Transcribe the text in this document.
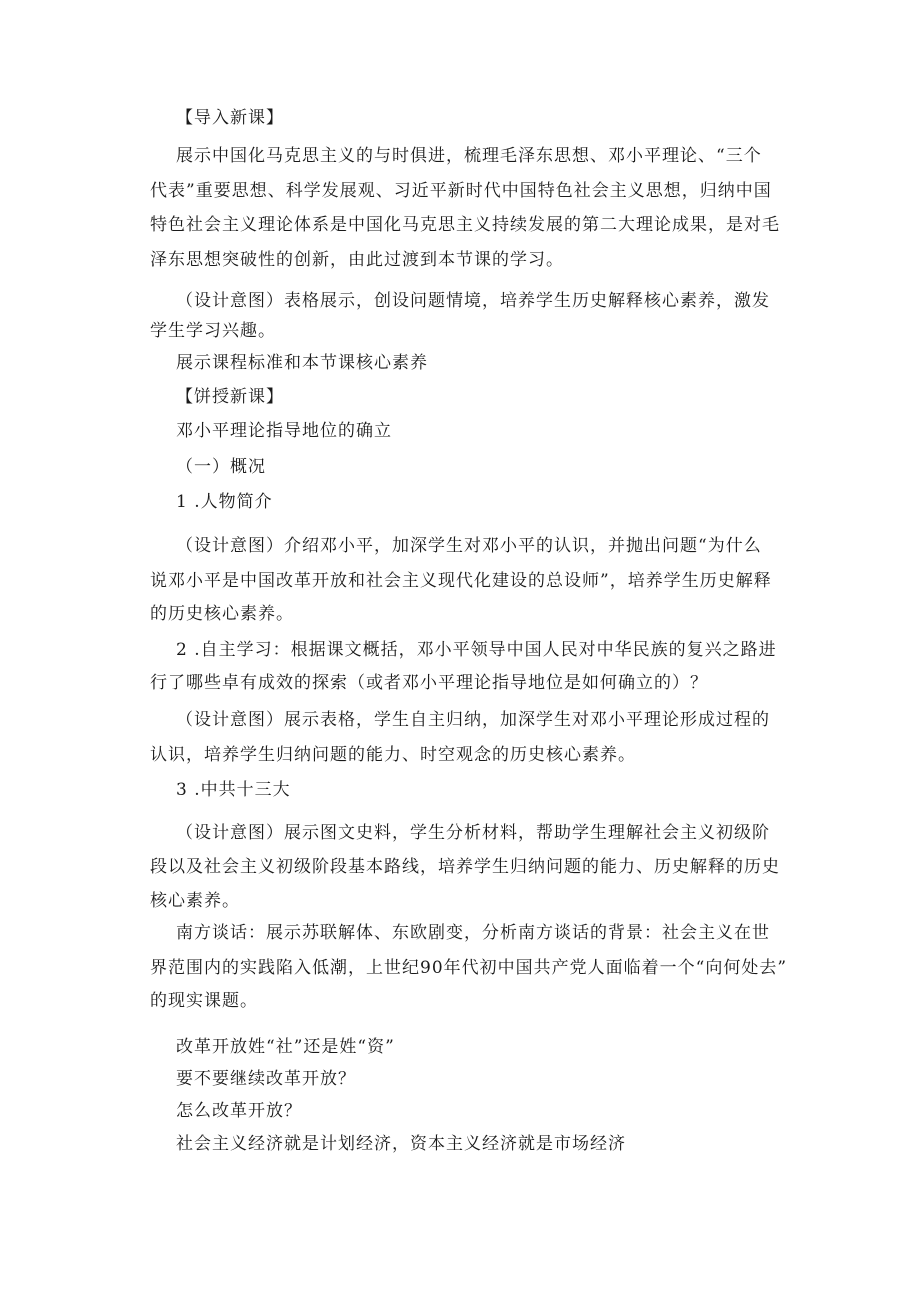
【导入新课】
展示中国化马克思主义的与时俱进，梳理毛泽东思想、邓小平理论、“三个
代表”重要思想、科学发展观、习近平新时代中国特色社会主义思想，归纳中国
特色社会主义理论体系是中国化马克思主义持续发展的第二大理论成果，是对毛
泽东思想突破性的创新，由此过渡到本节课的学习。
（设计意图）表格展示，创设问题情境，培养学生历史解释核心素养，激发
学生学习兴趣。
展示课程标准和本节课核心素养
【饼授新课】
邓小平理论指导地位的确立
（一）概况
1 .人物简介
（设计意图）介绍邓小平，加深学生对邓小平的认识，并抛出问题“为什么
说邓小平是中国改革开放和社会主义现代化建设的总设师”，培养学生历史解释
的历史核心素养。
2 .自主学习：根据课文概括，邓小平领导中国人民对中华民族的复兴之路进
行了哪些卓有成效的探索（或者邓小平理论指导地位是如何确立的）？
（设计意图）展示表格，学生自主归纳，加深学生对邓小平理论形成过程的
认识，培养学生归纳问题的能力、时空观念的历史核心素养。
3 .中共十三大
（设计意图）展示图文史料，学生分析材料，帮助学生理解社会主义初级阶
段以及社会主义初级阶段基本路线，培养学生归纳问题的能力、历史解释的历史
核心素养。
南方谈话：展示苏联解体、东欧剧变，分析南方谈话的背景：社会主义在世
界范围内的实践陷入低潮，上世纪90年代初中国共产党人面临着一个“向何处去”
的现实课题。
改革开放姓“社”还是姓“资”
要不要继续改革开放？
怎么改革开放？
社会主义经济就是计划经济，资本主义经济就是市场经济
